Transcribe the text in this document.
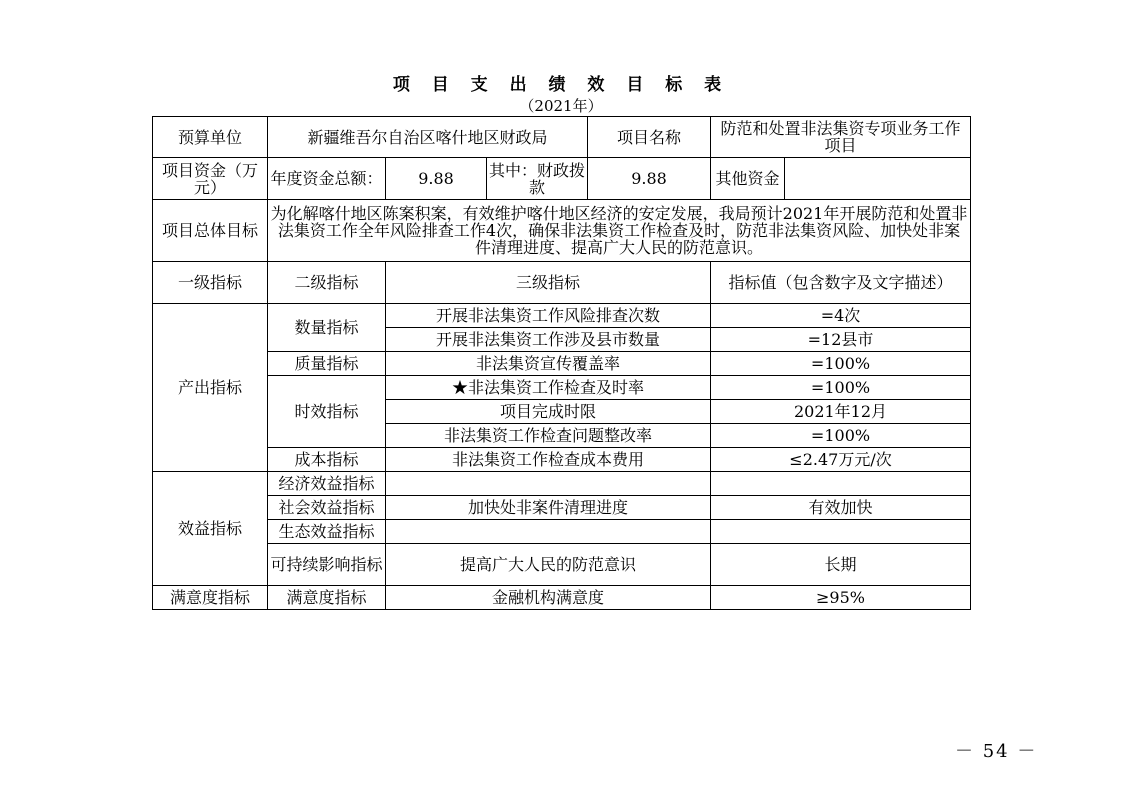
项 目 支 出 绩 效 目 标 表
（2021年）
预算单位	新疆维吾尔自治区喀什地区财政局			项目名称	防范和处置非法集资专项业务工作项目	
项目资金（万元）	年度资金总额：	9.88	其中：财政拨款	9.88	其他资金	
项目总体目标	为化解喀什地区陈案积案，有效维护喀什地区经济的安定发展，我局预计2021年开展防范和处置非法集资工作全年风险排查工作4次，确保非法集资工作检查及时，防范非法集资风险、加快处非案件清理进度、提高广大人民的防范意识。					
一级指标	二级指标	三级指标			指标值（包含数字及文字描述）	
产出指标	数量指标	开展非法集资工作风险排查次数			=4次	
		开展非法集资工作涉及县市数量			=12县市	
	质量指标	非法集资宣传覆盖率			=100%	
	时效指标	★非法集资工作检查及时率			=100%	
		项目完成时限			2021年12月	
		非法集资工作检查问题整改率			=100%	
	成本指标	非法集资工作检查成本费用			≤2.47万元/次	
效益指标	经济效益指标					
	社会效益指标	加快处非案件清理进度			有效加快	
	生态效益指标					
	可持续影响指标	提高广大人民的防范意识			长期	
满意度指标	满意度指标	金融机构满意度			≥95%	
－ 54 －
